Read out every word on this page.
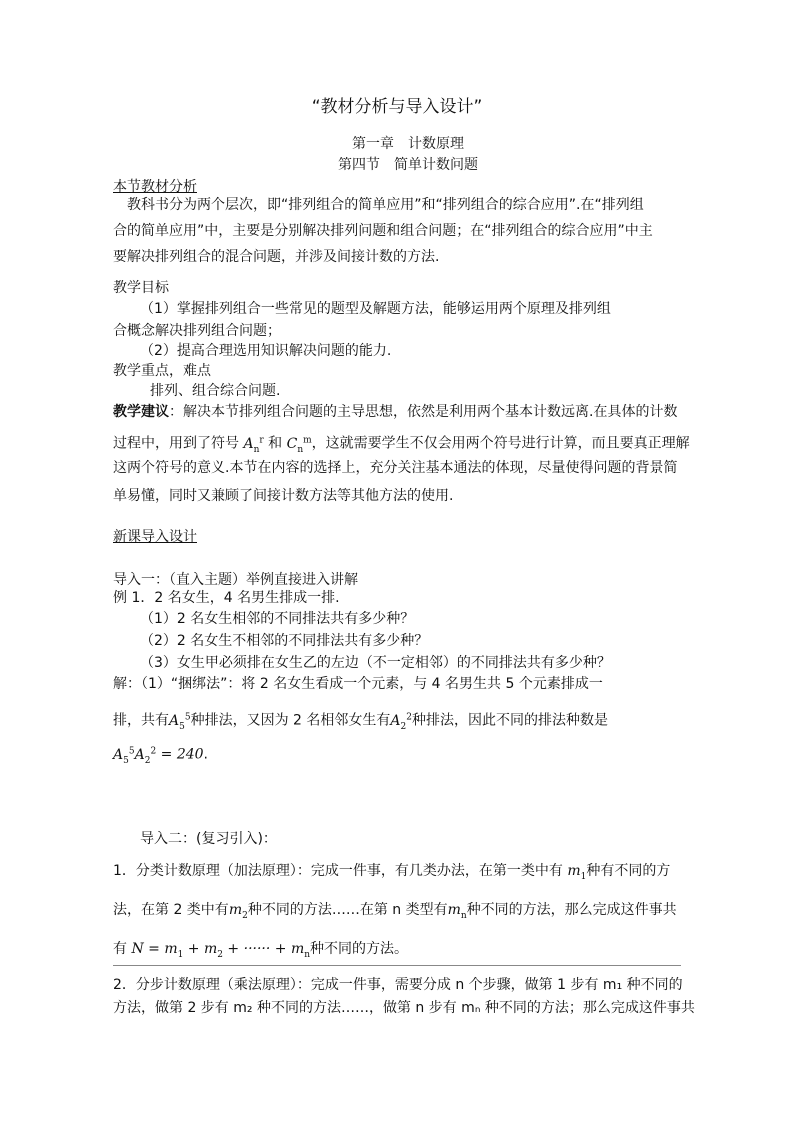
“教材分析与导入设计”
第一章　计数原理
第四节　简单计数问题
本节教材分析
　教科书分为两个层次，即“排列组合的简单应用”和“排列组合的综合应用”.在“排列组
合的简单应用”中，主要是分别解决排列问题和组合问题；在“排列组合的综合应用”中主
要解决排列组合的混合问题，并涉及间接计数的方法.
教学目标
（1）掌握排列组合一些常见的题型及解题方法，能够运用两个原理及排列组
合概念解决排列组合问题；
（2）提高合理选用知识解决问题的能力.
教学重点，难点
排列、组合综合问题.
教学建议：解决本节排列组合问题的主导思想，依然是利用两个基本计数远离.在具体的计数
过程中，用到了符号 $A_n^r$ 和 $C_n^m$，这就需要学生不仅会用两个符号进行计算，而且要真正理解
这两个符号的意义.本节在内容的选择上，充分关注基本通法的体现，尽量使得问题的背景简
单易懂，同时又兼顾了间接计数方法等其他方法的使用.
新课导入设计
导入一：（直入主题）举例直接进入讲解
例 1．2 名女生，4 名男生排成一排.
（1）2 名女生相邻的不同排法共有多少种？
（2）2 名女生不相邻的不同排法共有多少种？
（3）女生甲必须排在女生乙的左边（不一定相邻）的不同排法共有多少种？
解：（1）“捆绑法”：将 2 名女生看成一个元素，与 4 名男生共 5 个元素排成一
排，共有$A_5^5$种排法，又因为 2 名相邻女生有$A_2^2$种排法，因此不同的排法种数是
$A_5^5A_2^2 = 240$.
导入二：(复习引入)：
1．分类计数原理（加法原理）：完成一件事，有几类办法，在第一类中有 $m_1$种有不同的方
法，在第 2 类中有$m_2$种不同的方法……在第 n 类型有$m_n$种不同的方法，那么完成这件事共
有 $N = m_1 + m_2$ + ······ + $m_n$种不同的方法。
2．分步计数原理（乘法原理）：完成一件事，需要分成 n 个步骤，做第 1 步有 m₁ 种不同的
方法，做第 2 步有 m₂ 种不同的方法……，做第 n 步有 mₙ 种不同的方法；那么完成这件事共
